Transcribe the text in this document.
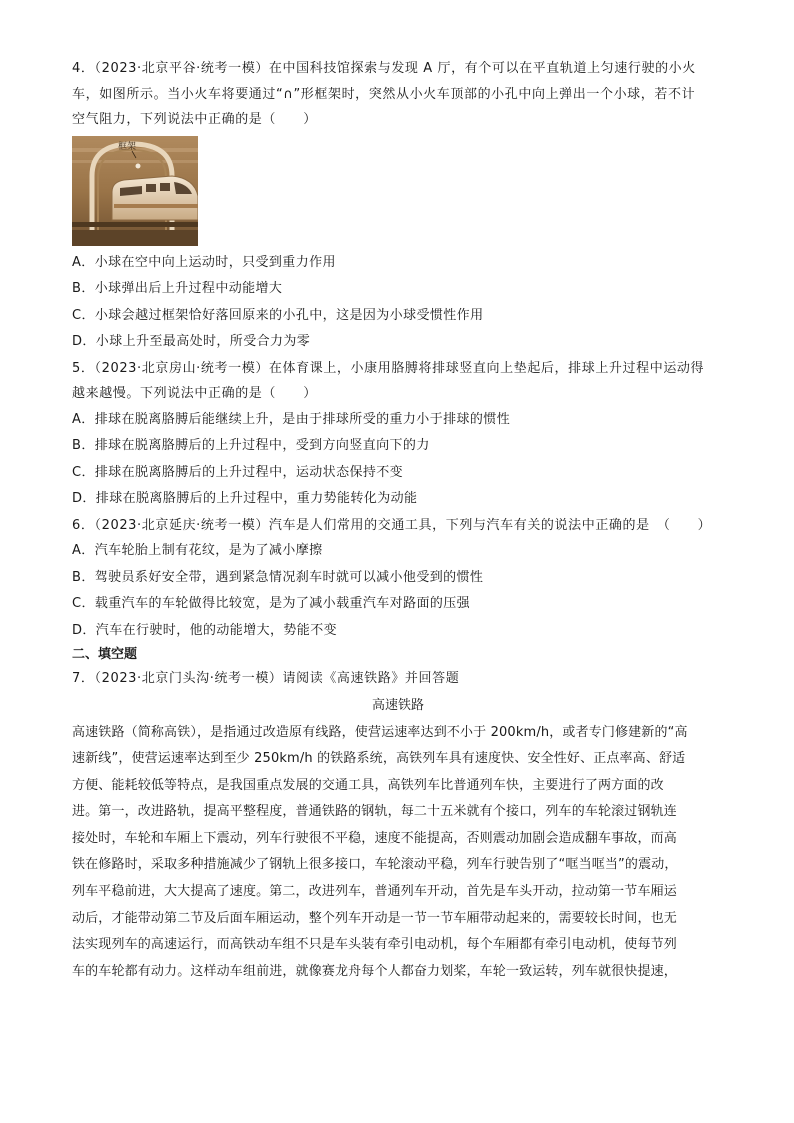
4．（2023·北京平谷·统考一模）在中国科技馆探索与发现 A 厅，有个可以在平直轨道上匀速行驶的小火
车，如图所示。当小火车将要通过“∩”形框架时，突然从小火车顶部的小孔中向上弹出一个小球，若不计
空气阻力，下列说法中正确的是（　　）
框架
A．小球在空中向上运动时，只受到重力作用
B．小球弹出后上升过程中动能增大
C．小球会越过框架恰好落回原来的小孔中，这是因为小球受惯性作用
D．小球上升至最高处时，所受合力为零
5．（2023·北京房山·统考一模）在体育课上，小康用胳膊将排球竖直向上垫起后，排球上升过程中运动得
越来越慢。下列说法中正确的是（　　）
A．排球在脱离胳膊后能继续上升，是由于排球所受的重力小于排球的惯性
B．排球在脱离胳膊后的上升过程中，受到方向竖直向下的力
C．排球在脱离胳膊后的上升过程中，运动状态保持不变
D．排球在脱离胳膊后的上升过程中，重力势能转化为动能
6．（2023·北京延庆·统考一模）汽车是人们常用的交通工具，下列与汽车有关的说法中正确的是　（　　）
A．汽车轮胎上制有花纹，是为了减小摩擦
B．驾驶员系好安全带，遇到紧急情况刹车时就可以减小他受到的惯性
C．载重汽车的车轮做得比较宽，是为了减小载重汽车对路面的压强
D．汽车在行驶时，他的动能增大，势能不变
二、填空题
7．（2023·北京门头沟·统考一模）请阅读《高速铁路》并回答题
高速铁路
高速铁路（简称高铁），是指通过改造原有线路，使营运速率达到不小于 200km/h，或者专门修建新的“高
速新线”，使营运速率达到至少 250km/h 的铁路系统，高铁列车具有速度快、安全性好、正点率高、舒适
方便、能耗较低等特点，是我国重点发展的交通工具，高铁列车比普通列车快，主要进行了两方面的改
进。第一，改进路轨，提高平整程度，普通铁路的钢轨，每二十五米就有个接口，列车的车轮滚过钢轨连
接处时，车轮和车厢上下震动，列车行驶很不平稳，速度不能提高，否则震动加剧会造成翻车事故，而高
铁在修路时，采取多种措施减少了钢轨上很多接口，车轮滚动平稳，列车行驶告别了“哐当哐当”的震动，
列车平稳前进，大大提高了速度。第二，改进列车，普通列车开动，首先是车头开动，拉动第一节车厢运
动后，才能带动第二节及后面车厢运动，整个列车开动是一节一节车厢带动起来的，需要较长时间，也无
法实现列车的高速运行，而高铁动车组不只是车头装有牵引电动机，每个车厢都有牵引电动机，使每节列
车的车轮都有动力。这样动车组前进，就像赛龙舟每个人都奋力划桨，车轮一致运转，列车就很快提速，
